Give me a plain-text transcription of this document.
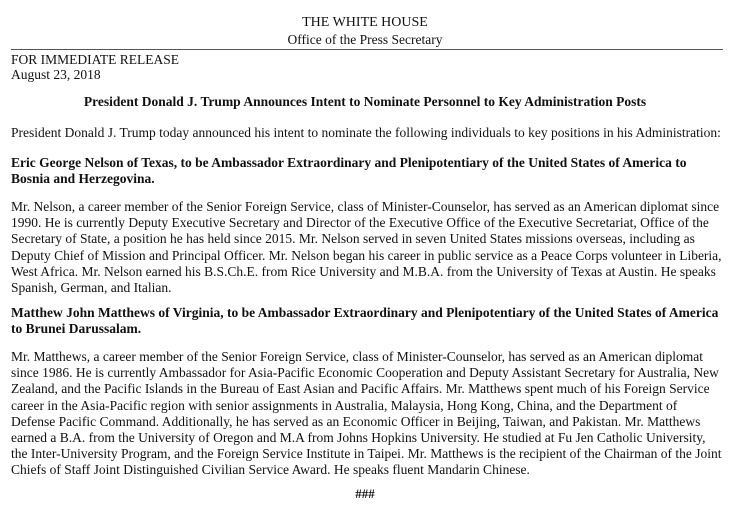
THE WHITE HOUSE
Office of the Press Secretary
FOR IMMEDIATE RELEASE
August 23, 2018
President Donald J. Trump Announces Intent to Nominate Personnel to Key Administration Posts

President Donald J. Trump today announced his intent to nominate the following individuals to key positions in his Administration:

Eric George Nelson of Texas, to be Ambassador Extraordinary and Plenipotentiary of the United States of America to Bosnia and Herzegovina.

Mr. Nelson, a career member of the Senior Foreign Service, class of Minister-Counselor, has served as an American diplomat since 1990. He is currently Deputy Executive Secretary and Director of the Executive Office of the Executive Secretariat, Office of the Secretary of State, a position he has held since 2015. Mr. Nelson served in seven United States missions overseas, including as Deputy Chief of Mission and Principal Officer. Mr. Nelson began his career in public service as a Peace Corps volunteer in Liberia, West Africa. Mr. Nelson earned his B.S.Ch.E. from Rice University and M.B.A. from the University of Texas at Austin. He speaks Spanish, German, and Italian.

Matthew John Matthews of Virginia, to be Ambassador Extraordinary and Plenipotentiary of the United States of America to Brunei Darussalam.

Mr. Matthews, a career member of the Senior Foreign Service, class of Minister-Counselor, has served as an American diplomat since 1986. He is currently Ambassador for Asia-Pacific Economic Cooperation and Deputy Assistant Secretary for Australia, New Zealand, and the Pacific Islands in the Bureau of East Asian and Pacific Affairs. Mr. Matthews spent much of his Foreign Service career in the Asia-Pacific region with senior assignments in Australia, Malaysia, Hong Kong, China, and the Department of Defense Pacific Command. Additionally, he has served as an Economic Officer in Beijing, Taiwan, and Pakistan. Mr. Matthews earned a B.A. from the University of Oregon and M.A from Johns Hopkins University. He studied at Fu Jen Catholic University, the Inter-University Program, and the Foreign Service Institute in Taipei. Mr. Matthews is the recipient of the Chairman of the Joint Chiefs of Staff Joint Distinguished Civilian Service Award. He speaks fluent Mandarin Chinese.

###
